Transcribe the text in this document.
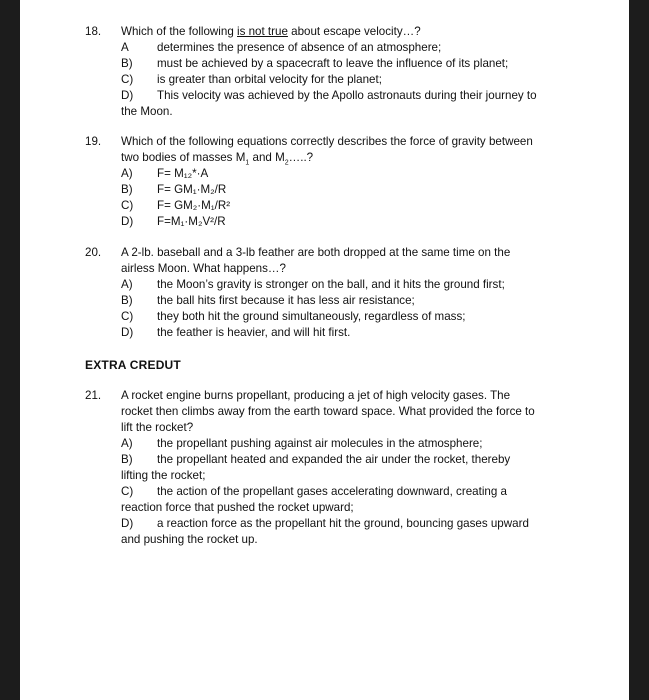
18. Which of the following is not true about escape velocity…?
A determines the presence of absence of an atmosphere;
B) must be achieved by a spacecraft to leave the influence of its planet;
C) is greater than orbital velocity for the planet;
D) This velocity was achieved by the Apollo astronauts during their journey to
the Moon.
19. Which of the following equations correctly describes the force of gravity between
two bodies of masses $M_1$ and $M_2\dots$..?
A) F= M₁₂*·A
B) F= GM₁·M₂/R
C) F= GM₂·M₁/R²
D) F=M₁·M₂V²/R
20. A 2-lb. baseball and a 3-lb feather are both dropped at the same time on the
airless Moon. What happens…?
A) the Moon’s gravity is stronger on the ball, and it hits the ground first;
B) the ball hits first because it has less air resistance;
C) they both hit the ground simultaneously, regardless of mass;
D) the feather is heavier, and will hit first.
EXTRA CREDUT
21. A rocket engine burns propellant, producing a jet of high velocity gases. The
rocket then climbs away from the earth toward space. What provided the force to
lift the rocket?
A) the propellant pushing against air molecules in the atmosphere;
B) the propellant heated and expanded the air under the rocket, thereby
lifting the rocket;
C) the action of the propellant gases accelerating downward, creating a
reaction force that pushed the rocket upward;
D) a reaction force as the propellant hit the ground, bouncing gases upward
and pushing the rocket up.
